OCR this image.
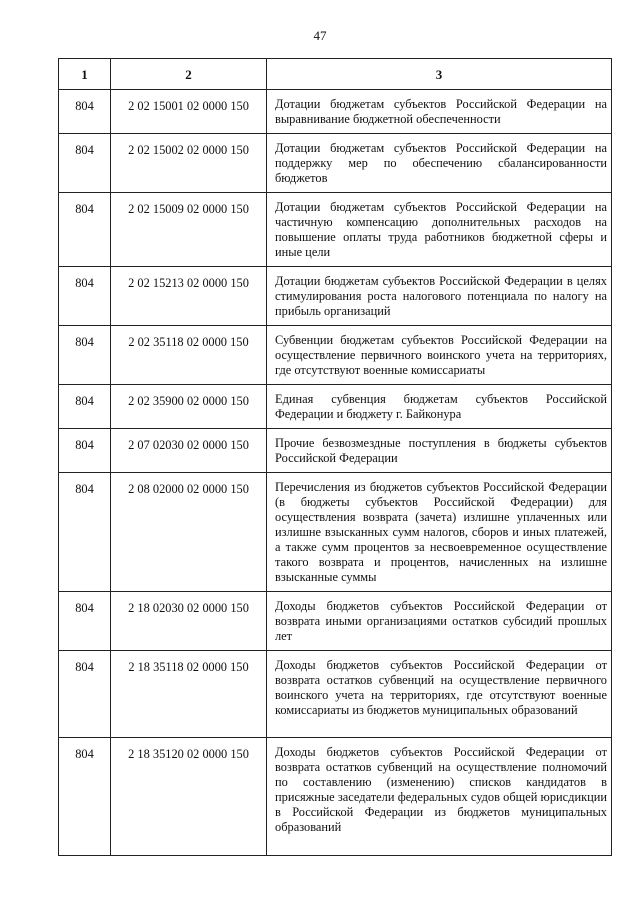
47
1	2	3
804	2 02 15001 02 0000 150	Дотации бюджетам субъектов Российской Федерации на выравнивание бюджетной обеспеченности
804	2 02 15002 02 0000 150	Дотации бюджетам субъектов Российской Федерации на поддержку мер по обеспечению сбалансированности бюджетов
804	2 02 15009 02 0000 150	Дотации бюджетам субъектов Российской Федерации на частичную компенсацию дополнительных расходов на повышение оплаты труда работников бюджетной сферы и иные цели
804	2 02 15213 02 0000 150	Дотации бюджетам субъектов Российской Федерации в целях стимулирования роста налогового потенциала по налогу на прибыль организаций
804	2 02 35118 02 0000 150	Субвенции бюджетам субъектов Российской Федерации на осуществление первичного воинского учета на территориях, где отсутствуют военные комиссариаты
804	2 02 35900 02 0000 150	Единая субвенция бюджетам субъектов Российской Федерации и бюджету г. Байконура
804	2 07 02030 02 0000 150	Прочие безвозмездные поступления в бюджеты субъектов Российской Федерации
804	2 08 02000 02 0000 150	Перечисления из бюджетов субъектов Российской Федерации (в бюджеты субъектов Российской Федерации) для осуществления возврата (зачета) излишне уплаченных или излишне взысканных сумм налогов, сборов и иных платежей, а также сумм процентов за несвоевременное осуществление такого возврата и процентов, начисленных на излишне взысканные суммы
804	2 18 02030 02 0000 150	Доходы бюджетов субъектов Российской Федерации от возврата иными организациями остатков субсидий прошлых лет
804	2 18 35118 02 0000 150	Доходы бюджетов субъектов Российской Федерации от возврата остатков субвенций на осуществление первичного воинского учета на территориях, где отсутствуют военные комиссариаты из бюджетов муниципальных образований
804	2 18 35120 02 0000 150	Доходы бюджетов субъектов Российской Федерации от возврата остатков субвенций на осуществление полномочий по составлению (изменению) списков кандидатов в присяжные заседатели федеральных судов общей юрисдикции в Российской Федерации из бюджетов муниципальных образований
